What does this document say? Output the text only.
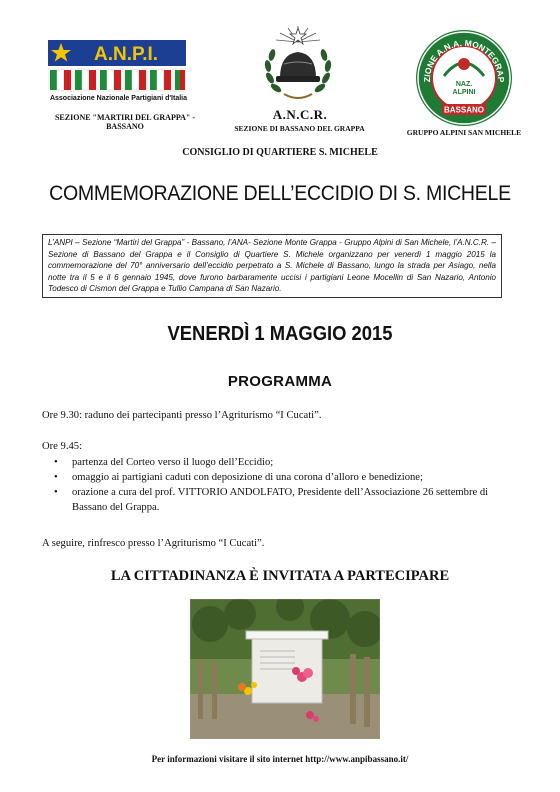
A.N.P.I.
Associazione Nazionale Partigiani d'Italia
SEZIONE "MARTIRI DEL GRAPPA" -
BASSANO
A.N.C.R.
SEZIONE DI BASSANO DEL GRAPPA
ZIONE A.N.A. MONTEGRAP
NAZ.
ALPINI
BASSANO
GRUPPO ALPINI SAN MICHELE
CONSIGLIO DI QUARTIERE S. MICHELE
COMMEMORAZIONE DELL’ECCIDIO DI S. MICHELE
L’ANPI – Sezione “Martiri del Grappa” - Bassano, l’ANA- Sezione Monte Grappa - Gruppo Alpini di San Michele, l’A.N.C.R. – Sezione di Bassano del Grappa e il Consiglio di Quartiere S. Michele organizzano per venerdì 1 maggio 2015 la commemorazione del 70° anniversario dell’eccidio perpetrato a S. Michele di Bassano, lungo la strada per Asiago, nella notte tra il 5 e il 6 gennaio 1945, dove furono barbaramente uccisi i partigiani Leone Mocellin di San Nazario, Antonio Todesco di Cismon del Grappa e Tullio Campana di San Nazario.
VENERDÌ 1 MAGGIO 2015
PROGRAMMA
Ore 9.30: raduno dei partecipanti presso l’Agriturismo “I Cucati”.
Ore 9.45:
• partenza del Corteo verso il luogo dell’Eccidio;
• omaggio ai partigiani caduti con deposizione di una corona d’alloro e benedizione;
• orazione a cura del prof. VITTORIO ANDOLFATO, Presidente dell’Associazione 26 settembre di Bassano del Grappa.
A seguire, rinfresco presso l’Agriturismo “I Cucati”.
LA CITTADINANZA È INVITATA A PARTECIPARE
Per informazioni visitare il sito internet http://www.anpibassano.it/
